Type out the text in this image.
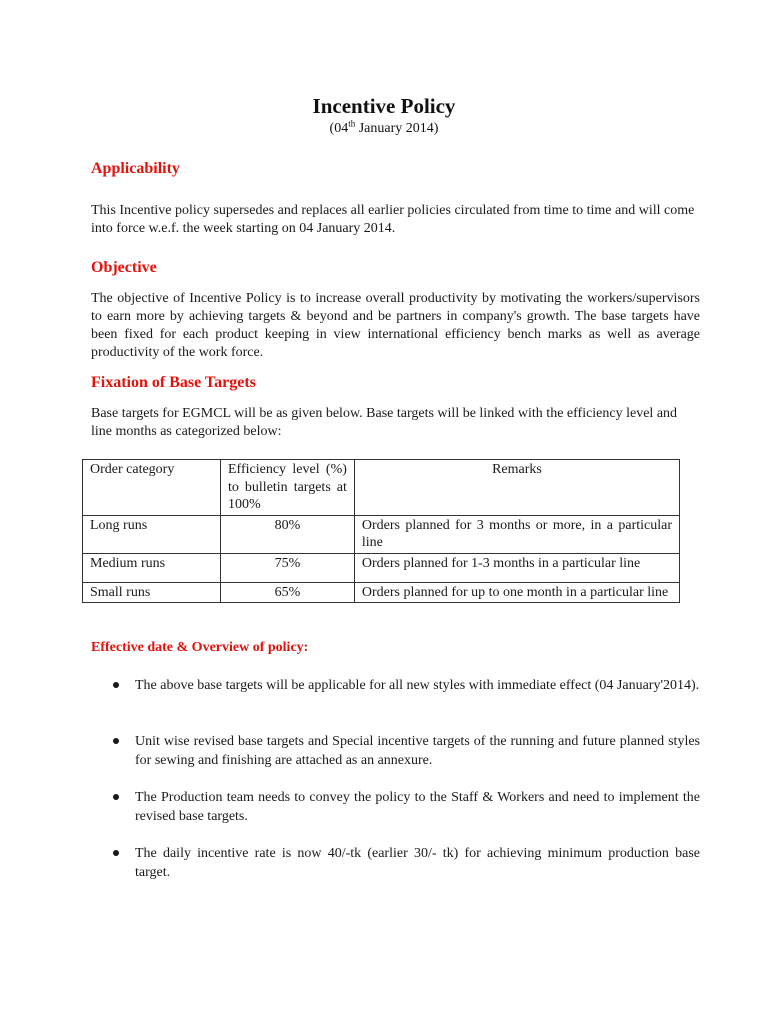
Incentive Policy
(04th January 2014)
Applicability
This Incentive policy supersedes and replaces all earlier policies circulated from time to time and will come into force w.e.f. the week starting on 04 January 2014.
Objective
The objective of Incentive Policy is to increase overall productivity by motivating the workers/supervisors to earn more by achieving targets & beyond and be partners in company's growth. The base targets have been fixed for each product keeping in view international efficiency bench marks as well as average productivity of the work force.
Fixation of Base Targets
Base targets for EGMCL will be as given below. Base targets will be linked with the efficiency level and line months as categorized below:
Order category	Efficiency level (%) to bulletin targets at 100%	Remarks
Long runs	80%	Orders planned for 3 months or more, in a particular line
Medium runs	75%	Orders planned for 1-3 months in a particular line
Small runs	65%	Orders planned for up to one month in a particular line
Effective date & Overview of policy:
The above base targets will be applicable for all new styles with immediate effect (04 January'2014).
Unit wise revised base targets and Special incentive targets of the running and future planned styles for sewing and finishing are attached as an annexure.
The Production team needs to convey the policy to the Staff & Workers and need to implement the revised base targets.
The daily incentive rate is now 40/-tk (earlier 30/- tk) for achieving minimum production base target.
